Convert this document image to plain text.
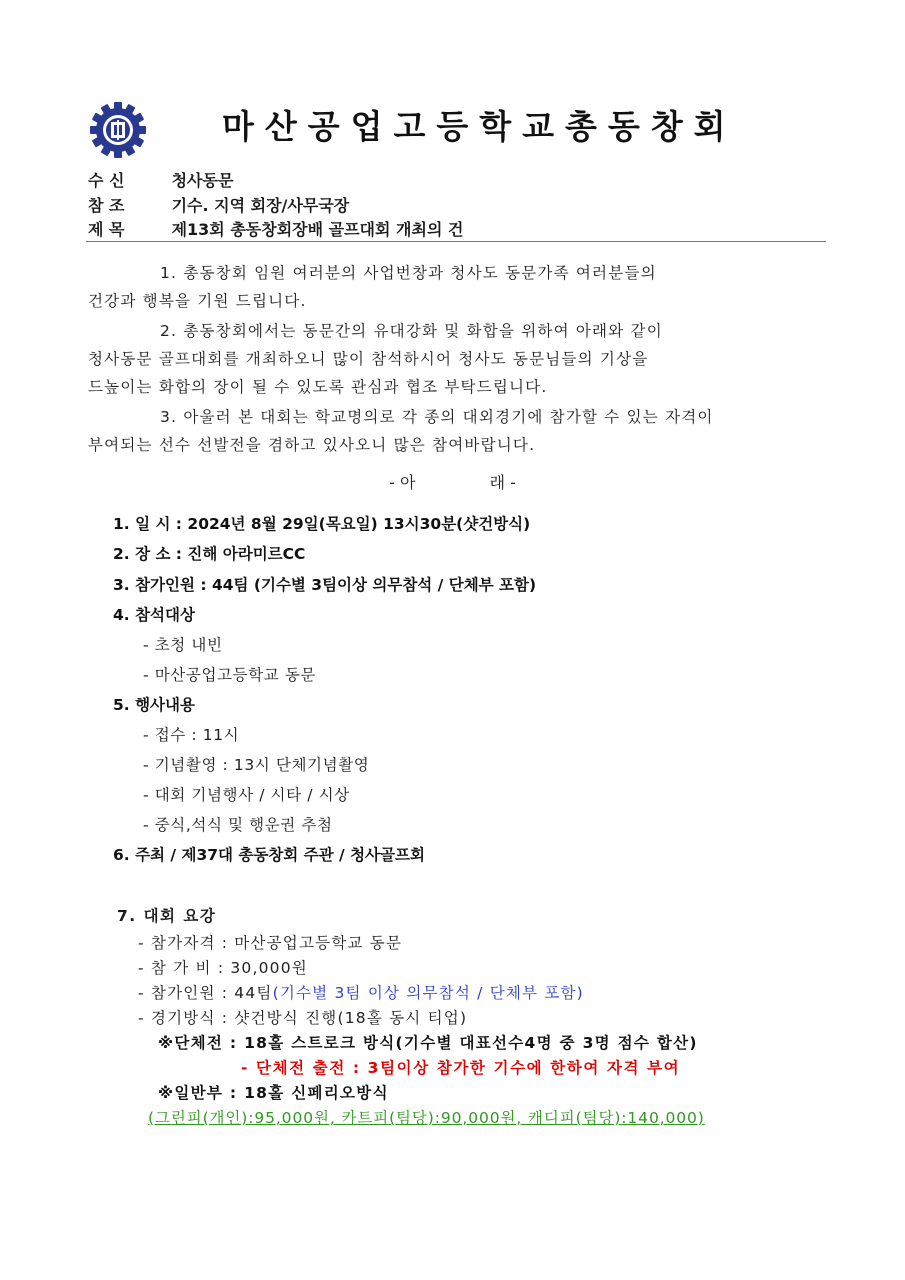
마산공업고등학교총동창회
수 신	청사동문
참 조	기수. 지역 회장/사무국장
제 목	제13회 총동창회장배 골프대회 개최의 건
1. 총동창회 임원 여러분의 사업번창과 청사도 동문가족 여러분들의
건강과 행복을 기원 드립니다.
2. 총동창회에서는 동문간의 유대강화 및 화합을 위하여 아래와 같이
청사동문 골프대회를 개최하오니 많이 참석하시어 청사도 동문님들의 기상을
드높이는 화합의 장이 될 수 있도록 관심과 협조 부탁드립니다.
3. 아울러 본 대회는 학교명의로 각 종의 대외경기에 참가할 수 있는 자격이
부여되는 선수 선발전을 겸하고 있사오니 많은 참여바랍니다.
- 아	래 -
1. 일 시 : 2024년 8월 29일(목요일) 13시30분(샷건방식)
2. 장 소 : 진해 아라미르CC
3. 참가인원 : 44팀 (기수별 3팀이상 의무참석 / 단체부 포함)
4. 참석대상
- 초청 내빈
- 마산공업고등학교 동문
5. 행사내용
- 접수 : 11시
- 기념촬영 : 13시 단체기념촬영
- 대회 기념행사 / 시타 / 시상
- 중식,석식 및 행운권 추첨
6. 주최 / 제37대 총동창회 주관 / 청사골프회
7. 대회 요강
- 참가자격 : 마산공업고등학교 동문
- 참 가 비 : 30,000원
- 참가인원 : 44팀(기수별 3팀 이상 의무참석 / 단체부 포함)
- 경기방식 : 샷건방식 진행(18홀 동시 티업)
※단체전 : 18홀 스트로크 방식(기수별 대표선수4명 중 3명 점수 합산)
- 단체전 출전 : 3팀이상 참가한 기수에 한하여 자격 부여
※일반부 : 18홀 신페리오방식
(그린피(개인):95,000원, 카트피(팀당):90,000원, 캐디피(팀당):140,000)
